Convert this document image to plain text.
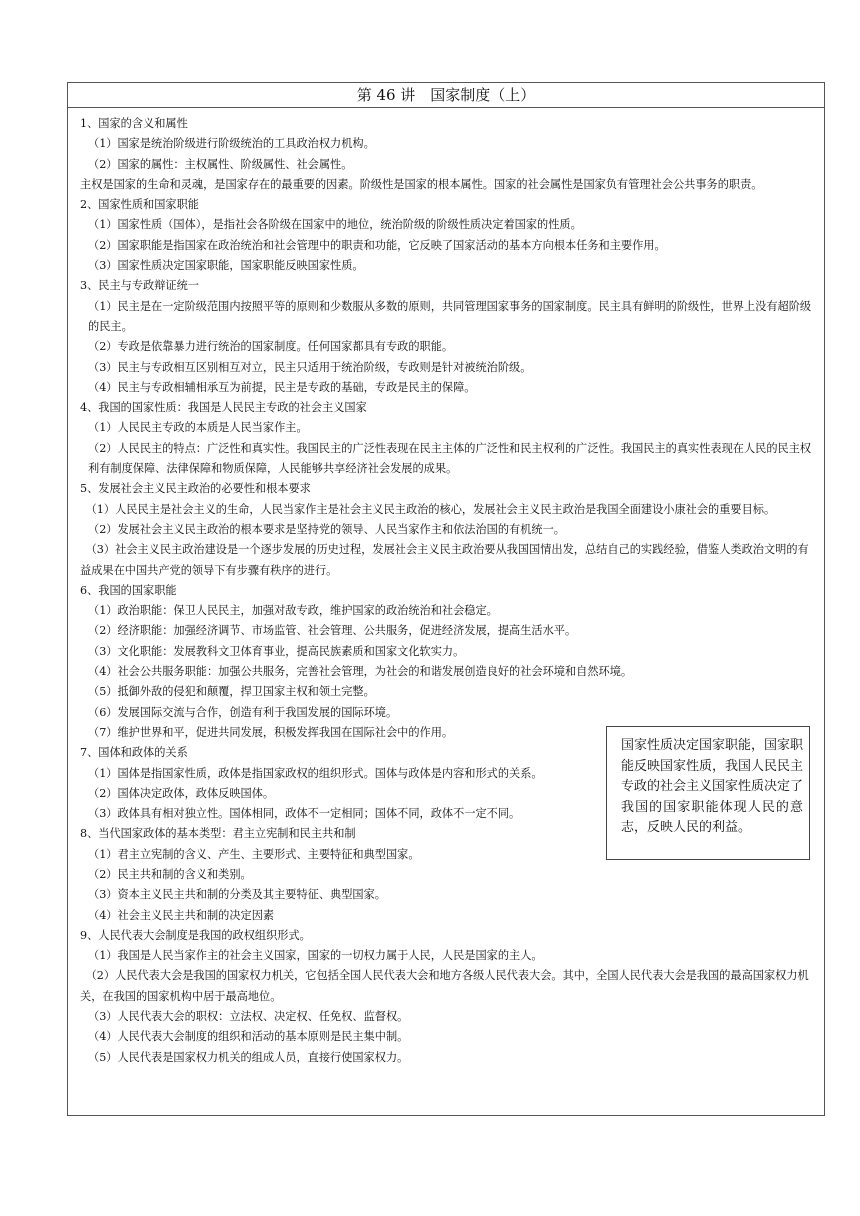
第 46 讲　国家制度（上）
1、国家的含义和属性
（1）国家是统治阶级进行阶级统治的工具政治权力机构。
（2）国家的属性：主权属性、阶级属性、社会属性。
主权是国家的生命和灵魂，是国家存在的最重要的因素。阶级性是国家的根本属性。国家的社会属性是国家负有管理社会公共事务的职责。
2、国家性质和国家职能
（1）国家性质（国体），是指社会各阶级在国家中的地位，统治阶级的阶级性质决定着国家的性质。
（2）国家职能是指国家在政治统治和社会管理中的职责和功能，它反映了国家活动的基本方向根本任务和主要作用。
（3）国家性质决定国家职能，国家职能反映国家性质。
3、民主与专政辩证统一
（1）民主是在一定阶级范围内按照平等的原则和少数服从多数的原则，共同管理国家事务的国家制度。民主具有鲜明的阶级性，世界上没有超阶级的民主。
（2）专政是依靠暴力进行统治的国家制度。任何国家都具有专政的职能。
（3）民主与专政相互区别相互对立，民主只适用于统治阶级，专政则是针对被统治阶级。
（4）民主与专政相辅相承互为前提，民主是专政的基础，专政是民主的保障。
4、我国的国家性质：我国是人民民主专政的社会主义国家
（1）人民民主专政的本质是人民当家作主。
（2）人民民主的特点：广泛性和真实性。我国民主的广泛性表现在民主主体的广泛性和民主权利的广泛性。我国民主的真实性表现在人民的民主权利有制度保障、法律保障和物质保障，人民能够共享经济社会发展的成果。
5、发展社会主义民主政治的必要性和根本要求
　（1）人民民主是社会主义的生命，人民当家作主是社会主义民主政治的核心，发展社会主义民主政治是我国全面建设小康社会的重要目标。
（2）发展社会主义民主政治的根本要求是坚持党的领导、人民当家作主和依法治国的有机统一。
　（3）社会主义民主政治建设是一个逐步发展的历史过程，发展社会主义民主政治要从我国国情出发，总结自己的实践经验，借鉴人类政治文明的有益成果在中国共产党的领导下有步骤有秩序的进行。
6、我国的国家职能
（1）政治职能：保卫人民民主，加强对敌专政，维护国家的政治统治和社会稳定。
（2）经济职能：加强经济调节、市场监管、社会管理、公共服务，促进经济发展，提高生活水平。
（3）文化职能：发展教科文卫体育事业，提高民族素质和国家文化软实力。
（4）社会公共服务职能：加强公共服务，完善社会管理，为社会的和谐发展创造良好的社会环境和自然环境。
（5）抵御外敌的侵犯和颠覆，捍卫国家主权和领土完整。
（6）发展国际交流与合作，创造有利于我国发展的国际环境。
（7）维护世界和平，促进共同发展，积极发挥我国在国际社会中的作用。
7、国体和政体的关系
（1）国体是指国家性质，政体是指国家政权的组织形式。国体与政体是内容和形式的关系。
（2）国体决定政体，政体反映国体。
（3）政体具有相对独立性。国体相同，政体不一定相同；国体不同，政体不一定不同。
8、当代国家政体的基本类型：君主立宪制和民主共和制
（1）君主立宪制的含义、产生、主要形式、主要特征和典型国家。
（2）民主共和制的含义和类别。
（3）资本主义民主共和制的分类及其主要特征、典型国家。
（4）社会主义民主共和制的决定因素
9、人民代表大会制度是我国的政权组织形式。
（1）我国是人民当家作主的社会主义国家，国家的一切权力属于人民，人民是国家的主人。
　（2）人民代表大会是我国的国家权力机关，它包括全国人民代表大会和地方各级人民代表大会。其中，全国人民代表大会是我国的最高国家权力机关，在我国的国家机构中居于最高地位。
（3）人民代表大会的职权：立法权、决定权、任免权、监督权。
（4）人民代表大会制度的组织和活动的基本原则是民主集中制。
（5）人民代表是国家权力机关的组成人员，直接行使国家权力。
国家性质决定国家职能，国家职能反映国家性质，我国人民民主专政的社会主义国家性质决定了我国的国家职能体现人民的意志，反映人民的利益。
